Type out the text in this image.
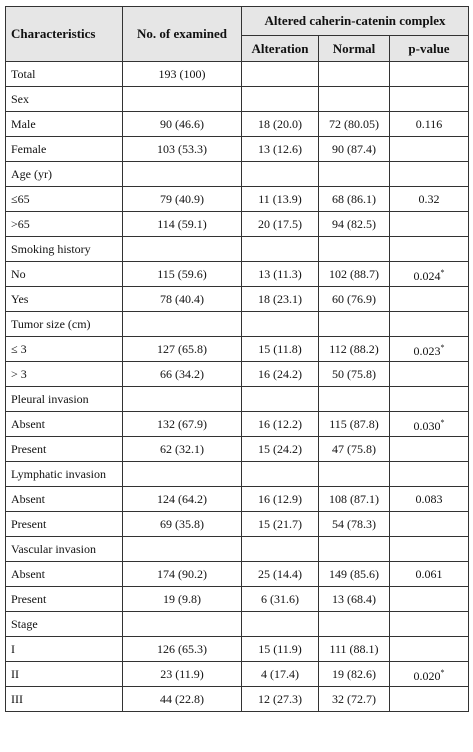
Characteristics	No. of examined	Altered caherin-catenin complex		
		Alteration	Normal	p-value
Total	193 (100)			
Sex				
Male	90 (46.6)	18 (20.0)	72 (80.05)	0.116
Female	103 (53.3)	13 (12.6)	90 (87.4)	
Age (yr)				
≤65	79 (40.9)	11 (13.9)	68 (86.1)	0.32
>65	114 (59.1)	20 (17.5)	94 (82.5)	
Smoking history				
No	115 (59.6)	13 (11.3)	102 (88.7)	0.024*
Yes	78 (40.4)	18 (23.1)	60 (76.9)	
Tumor size (cm)				
≤ 3	127 (65.8)	15 (11.8)	112 (88.2)	0.023*
> 3	66 (34.2)	16 (24.2)	50 (75.8)	
Pleural invasion				
Absent	132 (67.9)	16 (12.2)	115 (87.8)	0.030*
Present	62 (32.1)	15 (24.2)	47 (75.8)	
Lymphatic invasion				
Absent	124 (64.2)	16 (12.9)	108 (87.1)	0.083
Present	69 (35.8)	15 (21.7)	54 (78.3)	
Vascular invasion				
Absent	174 (90.2)	25 (14.4)	149 (85.6)	0.061
Present	19 (9.8)	6 (31.6)	13 (68.4)	
Stage				
I	126 (65.3)	15 (11.9)	111 (88.1)	
II	23 (11.9)	4 (17.4)	19 (82.6)	0.020*
III	44 (22.8)	12 (27.3)	32 (72.7)	
